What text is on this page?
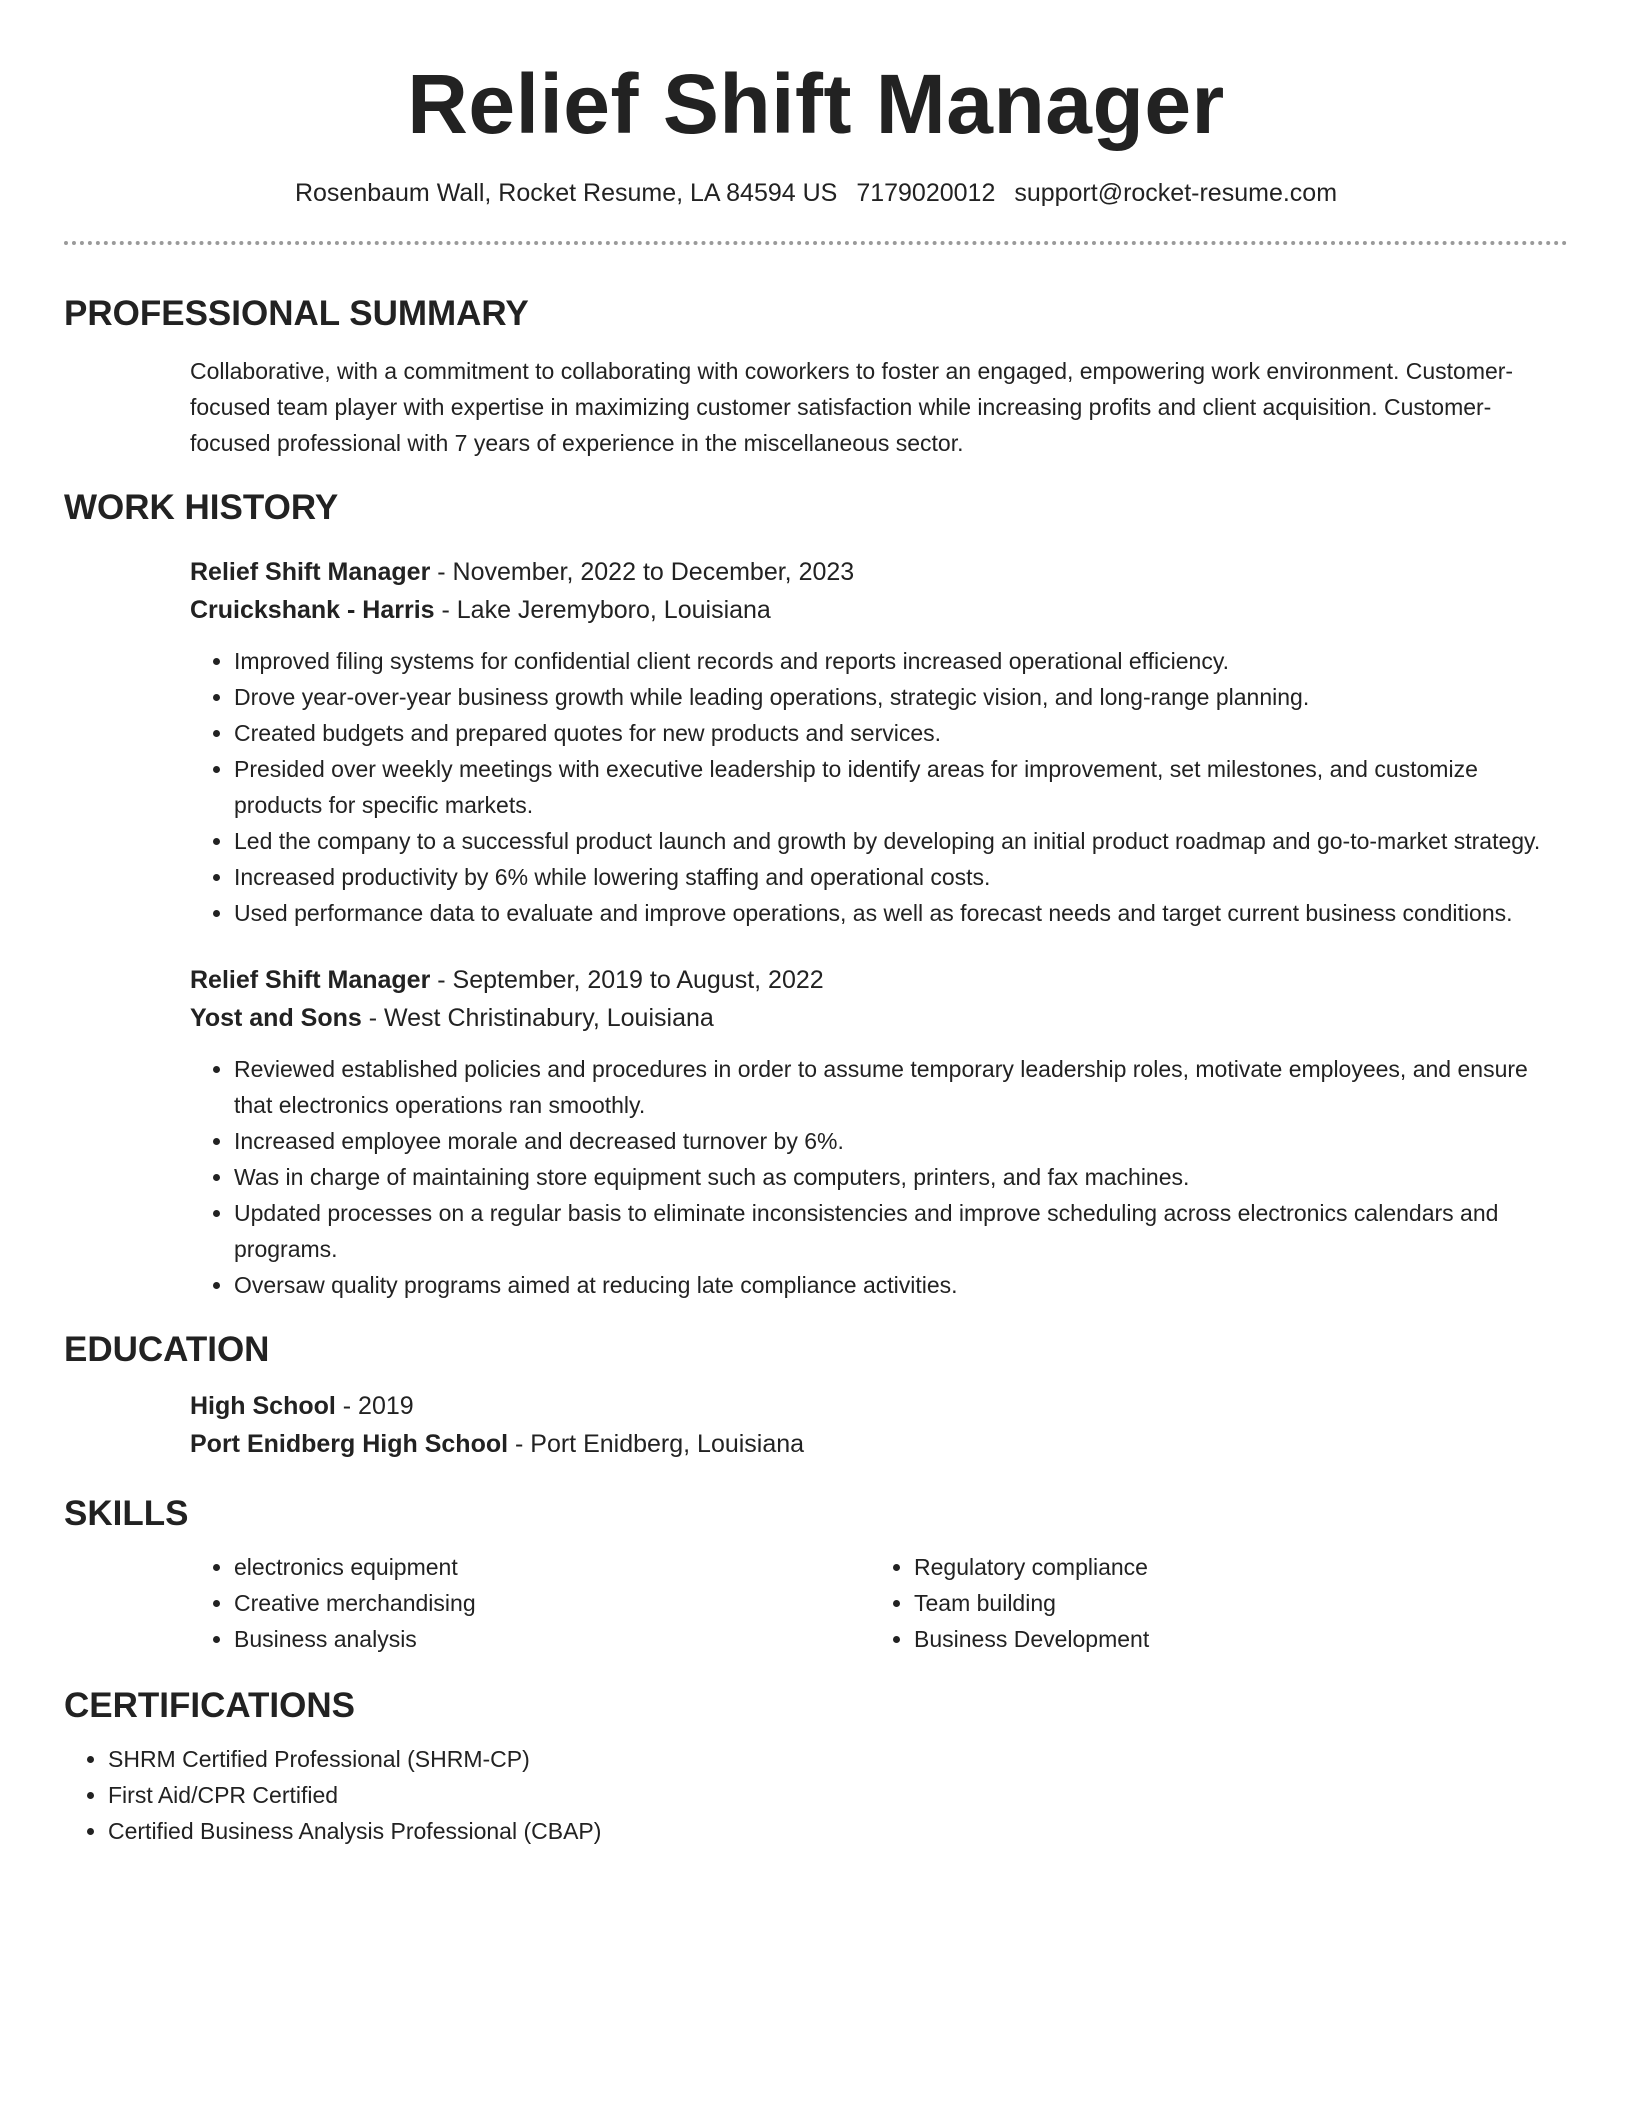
Relief Shift Manager
Rosenbaum Wall, Rocket Resume, LA 84594 US 7179020012 support@rocket-resume.com
PROFESSIONAL SUMMARY

Collaborative, with a commitment to collaborating with coworkers to foster an engaged, empowering work environment. Customer-focused team player with expertise in maximizing customer satisfaction while increasing profits and client acquisition. Customer-focused professional with 7 years of experience in the miscellaneous sector.

WORK HISTORY
Relief Shift Manager - November, 2022 to December, 2023
Cruickshank - Harris - Lake Jeremyboro, Louisiana
• Improved filing systems for confidential client records and reports increased operational efficiency.
• Drove year-over-year business growth while leading operations, strategic vision, and long-range planning.
• Created budgets and prepared quotes for new products and services.
• Presided over weekly meetings with executive leadership to identify areas for improvement, set milestones, and customize products for specific markets.
• Led the company to a successful product launch and growth by developing an initial product roadmap and go-to-market strategy.
• Increased productivity by 6% while lowering staffing and operational costs.
• Used performance data to evaluate and improve operations, as well as forecast needs and target current business conditions.
Relief Shift Manager - September, 2019 to August, 2022
Yost and Sons - West Christinabury, Louisiana
• Reviewed established policies and procedures in order to assume temporary leadership roles, motivate employees, and ensure that electronics operations ran smoothly.
• Increased employee morale and decreased turnover by 6%.
• Was in charge of maintaining store equipment such as computers, printers, and fax machines.
• Updated processes on a regular basis to eliminate inconsistencies and improve scheduling across electronics calendars and programs.
• Oversaw quality programs aimed at reducing late compliance activities.
EDUCATION
High School - 2019
Port Enidberg High School - Port Enidberg, Louisiana
SKILLS
• electronics equipment
• Creative merchandising
• Business analysis
• Regulatory compliance
• Team building
• Business Development
CERTIFICATIONS
• SHRM Certified Professional (SHRM-CP)
• First Aid/CPR Certified
• Certified Business Analysis Professional (CBAP)
